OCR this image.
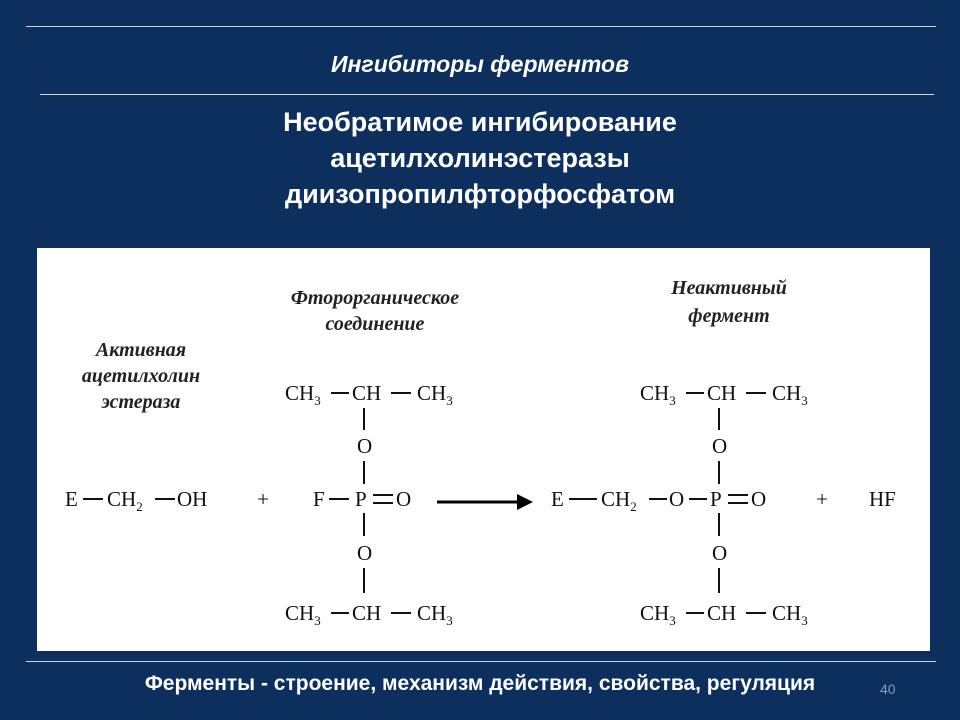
Ингибиторы ферментов
Необратимое ингибирование
ацетилхолинэстеразы
диизопропилфторфосфатом
Активная
ацетилхолин
эстераза
Фторорганическое
соединение
Неактивный
фермент
E $CH_2$ OH +
$CH_3$ CH $CH_3$
O
F P O
O
$CH_3$ CH $CH_3$
$CH_3$ CH $CH_3$
O
E $CH_2$ O P O
O
$CH_3$ CH $CH_3$
+ HF
Ферменты - строение, механизм действия, свойства, регуляция	40
